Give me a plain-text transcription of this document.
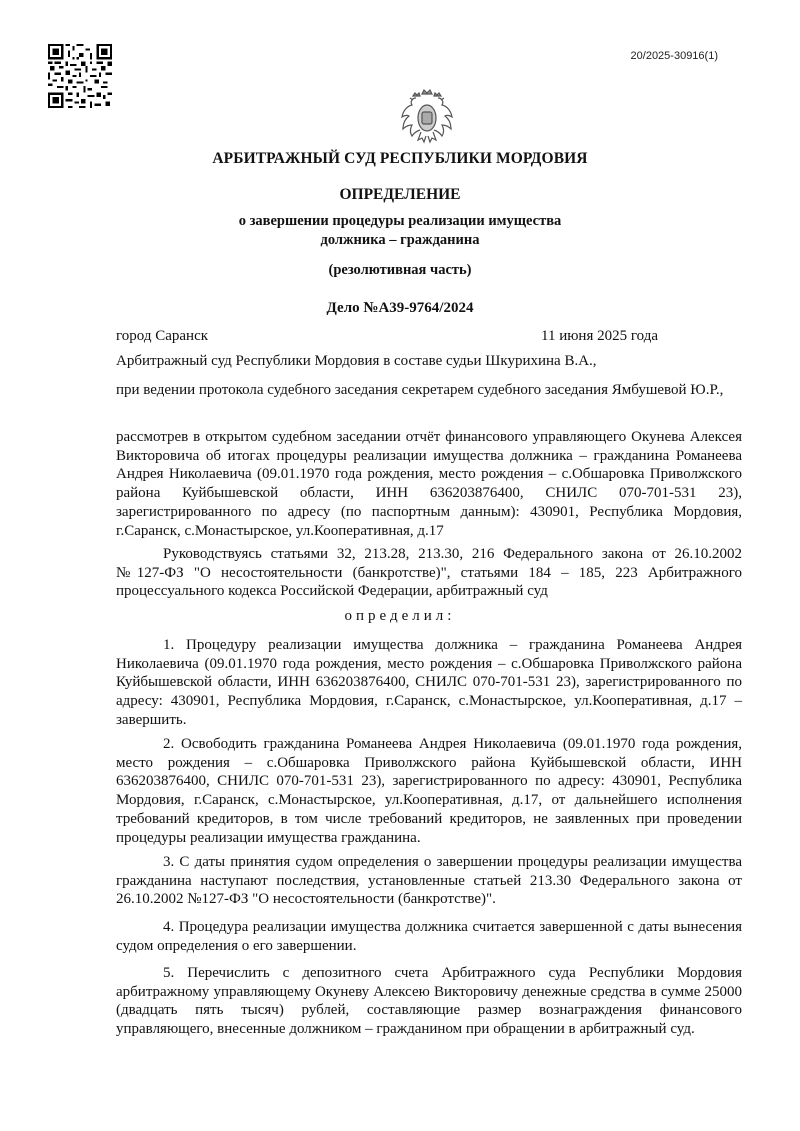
20/2025-30916(1)
АРБИТРАЖНЫЙ СУД РЕСПУБЛИКИ МОРДОВИЯ
ОПРЕДЕЛЕНИЕ
о завершении процедуры реализации имущества
должника – гражданина
(резолютивная часть)
Дело №А39-9764/2024
город Саранск	11 июня 2025 года

Арбитражный суд Республики Мордовия в составе судьи Шкурихина В.А.,

при ведении протокола судебного заседания секретарем судебного заседания Ямбушевой Ю.Р.,

рассмотрев в открытом судебном заседании отчёт финансового управляющего Окунева Алексея Викторовича об итогах процедуры реализации имущества должника – гражданина Романеева Андрея Николаевича (09.01.1970 года рождения, место рождения – с.Обшаровка Приволжского района Куйбышевской области, ИНН 636203876400, СНИЛС 070-701-531 23), зарегистрированного по адресу (по паспортным данным): 430901, Республика Мордовия, г.Саранск, с.Монастырское, ул.Кооперативная, д.17

Руководствуясь статьями 32, 213.28, 213.30, 216 Федерального закона от 26.10.2002 №127-ФЗ "О несостоятельности (банкротстве)", статьями 184 – 185, 223 Арбитражного процессуального кодекса Российской Федерации, арбитражный суд

определил:

1. Процедуру реализации имущества должника – гражданина Романеева Андрея Николаевича (09.01.1970 года рождения, место рождения – с.Обшаровка Приволжского района Куйбышевской области, ИНН 636203876400, СНИЛС 070-701-531 23), зарегистрированного по адресу: 430901, Республика Мордовия, г.Саранск, с.Монастырское, ул.Кооперативная, д.17 – завершить.

2. Освободить гражданина Романеева Андрея Николаевича (09.01.1970 года рождения, место рождения – с.Обшаровка Приволжского района Куйбышевской области, ИНН 636203876400, СНИЛС 070-701-531 23), зарегистрированного по адресу: 430901, Республика Мордовия, г.Саранск, с.Монастырское, ул.Кооперативная, д.17, от дальнейшего исполнения требований кредиторов, в том числе требований кредиторов, не заявленных при проведении процедуры реализации имущества гражданина.

3. С даты принятия судом определения о завершении процедуры реализации имущества гражданина наступают последствия, установленные статьей 213.30 Федерального закона от 26.10.2002 №127-ФЗ "О несостоятельности (банкротстве)".

4. Процедура реализации имущества должника считается завершенной с даты вынесения судом определения о его завершении.

5. Перечислить с депозитного счета Арбитражного суда Республики Мордовия арбитражному управляющему Окуневу Алексею Викторовичу денежные средства в сумме 25000 (двадцать пять тысяч) рублей, составляющие размер вознаграждения финансового управляющего, внесенные должником – гражданином при обращении в арбитражный суд.
